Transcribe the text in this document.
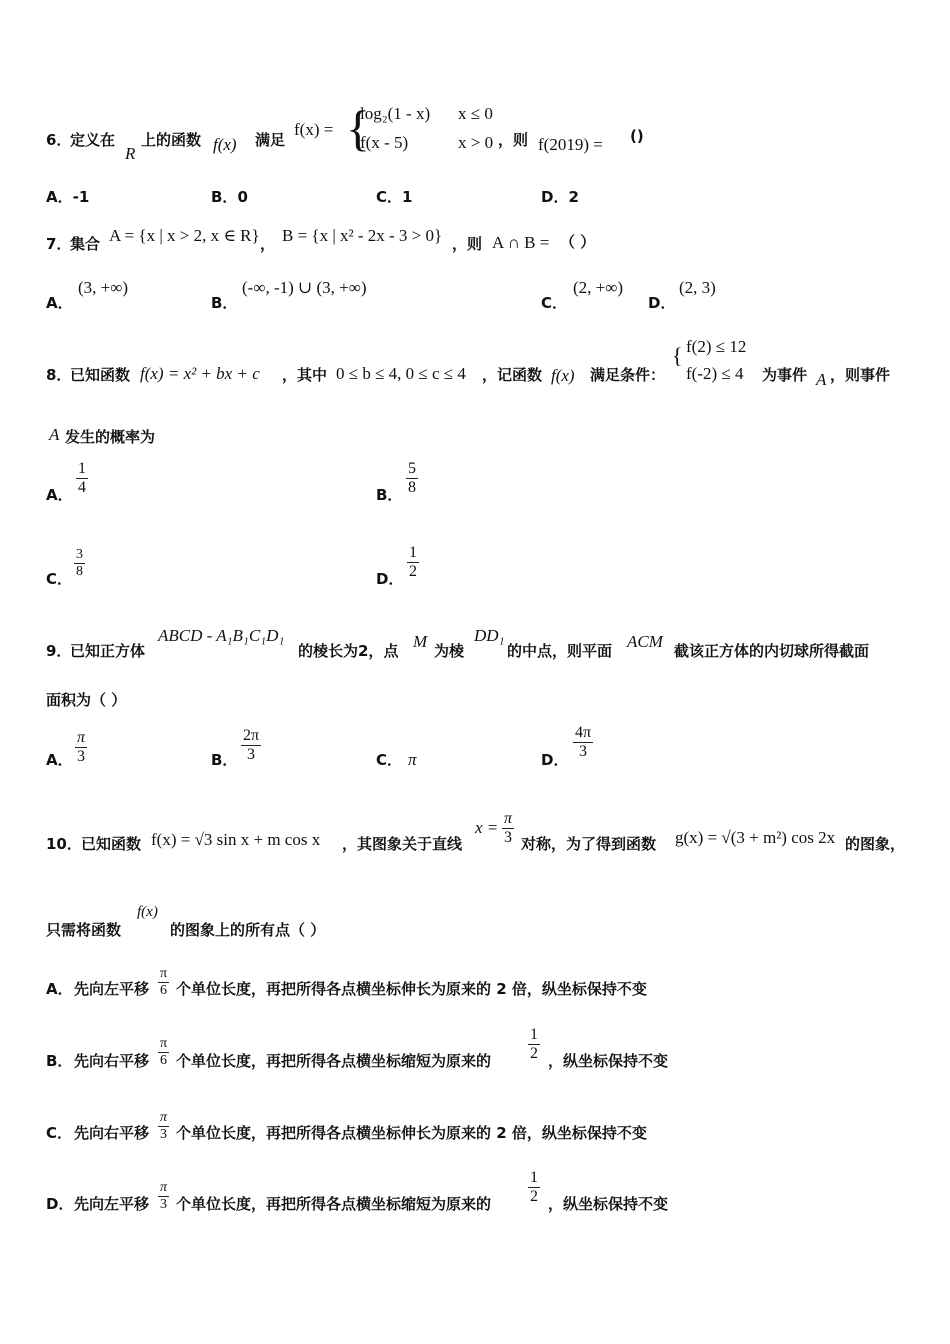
6．
定义在
R
上的函数 f(x) 满足
f(x) = {
log₂(1 - x) x ≤ 0
f(x - 5)	x > 0 ，则 f(2019) = ()
A．-1	B．0	C．1	D．2
7．
集合 A = {x | x > 2, x ∈ R} ， B = {x | x² - 2x - 3 > 0} ，则 A ∩ B = （ ）
A．
(3, +∞)
B．
(-∞, -1) ∪ (3, +∞)
C．
(2, +∞)
D．
(2, 3)
8．
已知函数 f(x) = x² + bx + c ，其中 0 ≤ b ≤ 4, 0 ≤ c ≤ 4 ，记函数 f(x) 满足条件：
{ f(2) ≤ 12
f(-2) ≤ 4 为事件 A ，则事件
A 发生的概率为
A． $\frac{1}{4}$	B． $\frac{5}{8}$
C． $\frac{3}{8}$	D． $\frac{1}{2}$
9．
已知正方体
ABCD - A₁B₁C₁D₁
的棱长为2，点 M 为棱
DD₁
的中点，则平面 ACM 截该正方体的内切球所得截面
面积为（ ）
A． $\frac{\pi}{3}$	B． $\frac{2\pi}{3}$	C． π	D． $\frac{4\pi}{3}$
10． 已知函数 f(x) = √3 sin x + m cos x ，其图象关于直线
$x = \frac{\pi}{3}$ 对称，为了得到函数 g(x) = √(3 + m²) cos 2x 的图象，
只需将函数
f(x)
的图象上的所有点（ ）
A． 先向左平移 $\frac{\pi}{6}$ 个单位长度，再把所得各点横坐标伸长为原来的 2 倍，纵坐标保持不变
B． 先向右平移 $\frac{\pi}{6}$ 个单位长度，再把所得各点横坐标缩短为原来的 $\frac{1}{2}$ ，纵坐标保持不变
C． 先向右平移 $\frac{\pi}{3}$ 个单位长度，再把所得各点横坐标伸长为原来的 2 倍，纵坐标保持不变
D． 先向左平移 $\frac{\pi}{3}$ 个单位长度，再把所得各点横坐标缩短为原来的 $\frac{1}{2}$ ，纵坐标保持不变
